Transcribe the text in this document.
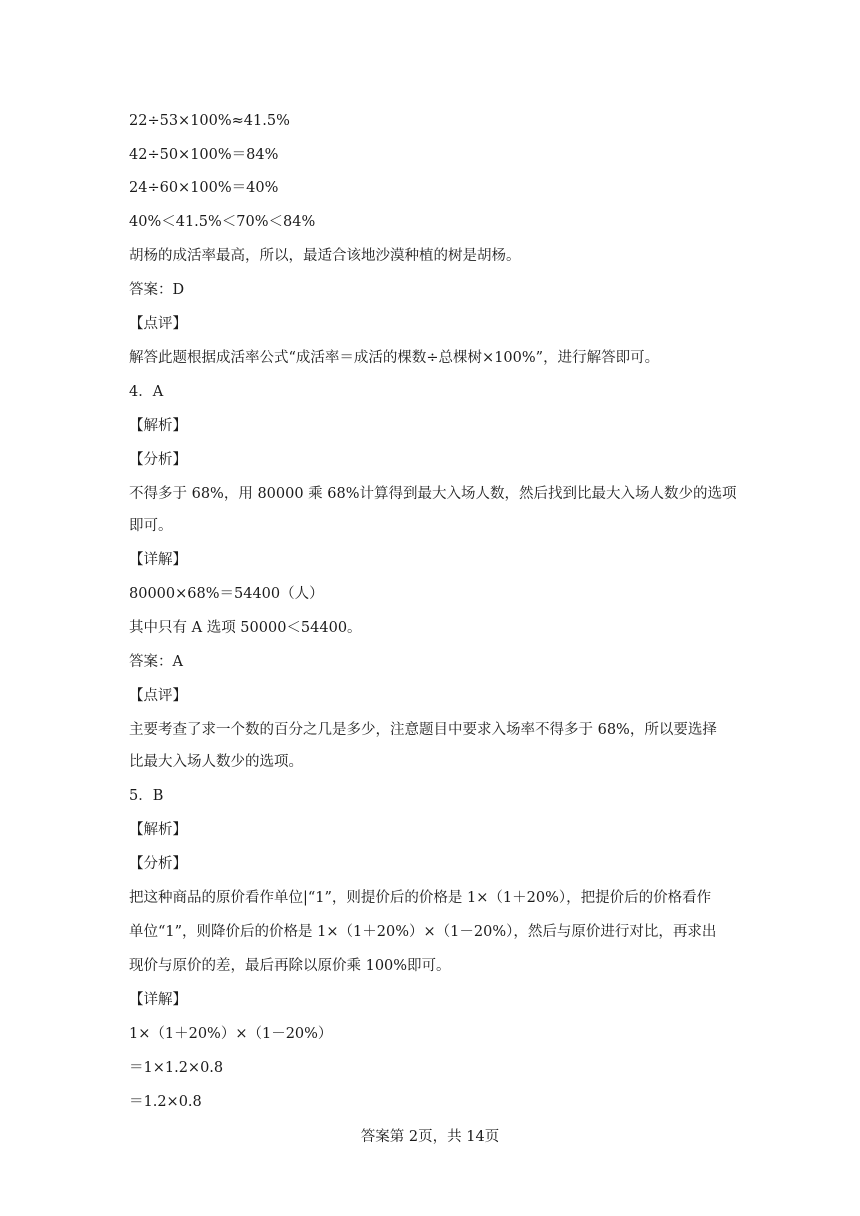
22÷53×100%≈41.5%
42÷50×100%＝84%
24÷60×100%＝40%
40%＜41.5%＜70%＜84%
胡杨的成活率最高，所以，最适合该地沙漠种植的树是胡杨。
答案：D
【点评】
解答此题根据成活率公式“成活率＝成活的棵数÷总棵树×100%”，进行解答即可。
4．A
【解析】
【分析】
不得多于 68%，用 80000 乘 68%计算得到最大入场人数，然后找到比最大入场人数少的选项
即可。
【详解】
80000×68%＝54400（人）
其中只有 A 选项 50000＜54400。
答案：A
【点评】
主要考查了求一个数的百分之几是多少，注意题目中要求入场率不得多于 68%，所以要选择
比最大入场人数少的选项。
5．B
【解析】
【分析】
把这种商品的原价看作单位|“1”，则提价后的价格是 1×（1＋20%），把提价后的价格看作
单位“1”，则降价后的价格是 1×（1＋20%）×（1－20%），然后与原价进行对比，再求出
现价与原价的差，最后再除以原价乘 100%即可。
【详解】
1×（1＋20%）×（1－20%）
＝1×1.2×0.8
＝1.2×0.8
答案第 2页，共 14页
